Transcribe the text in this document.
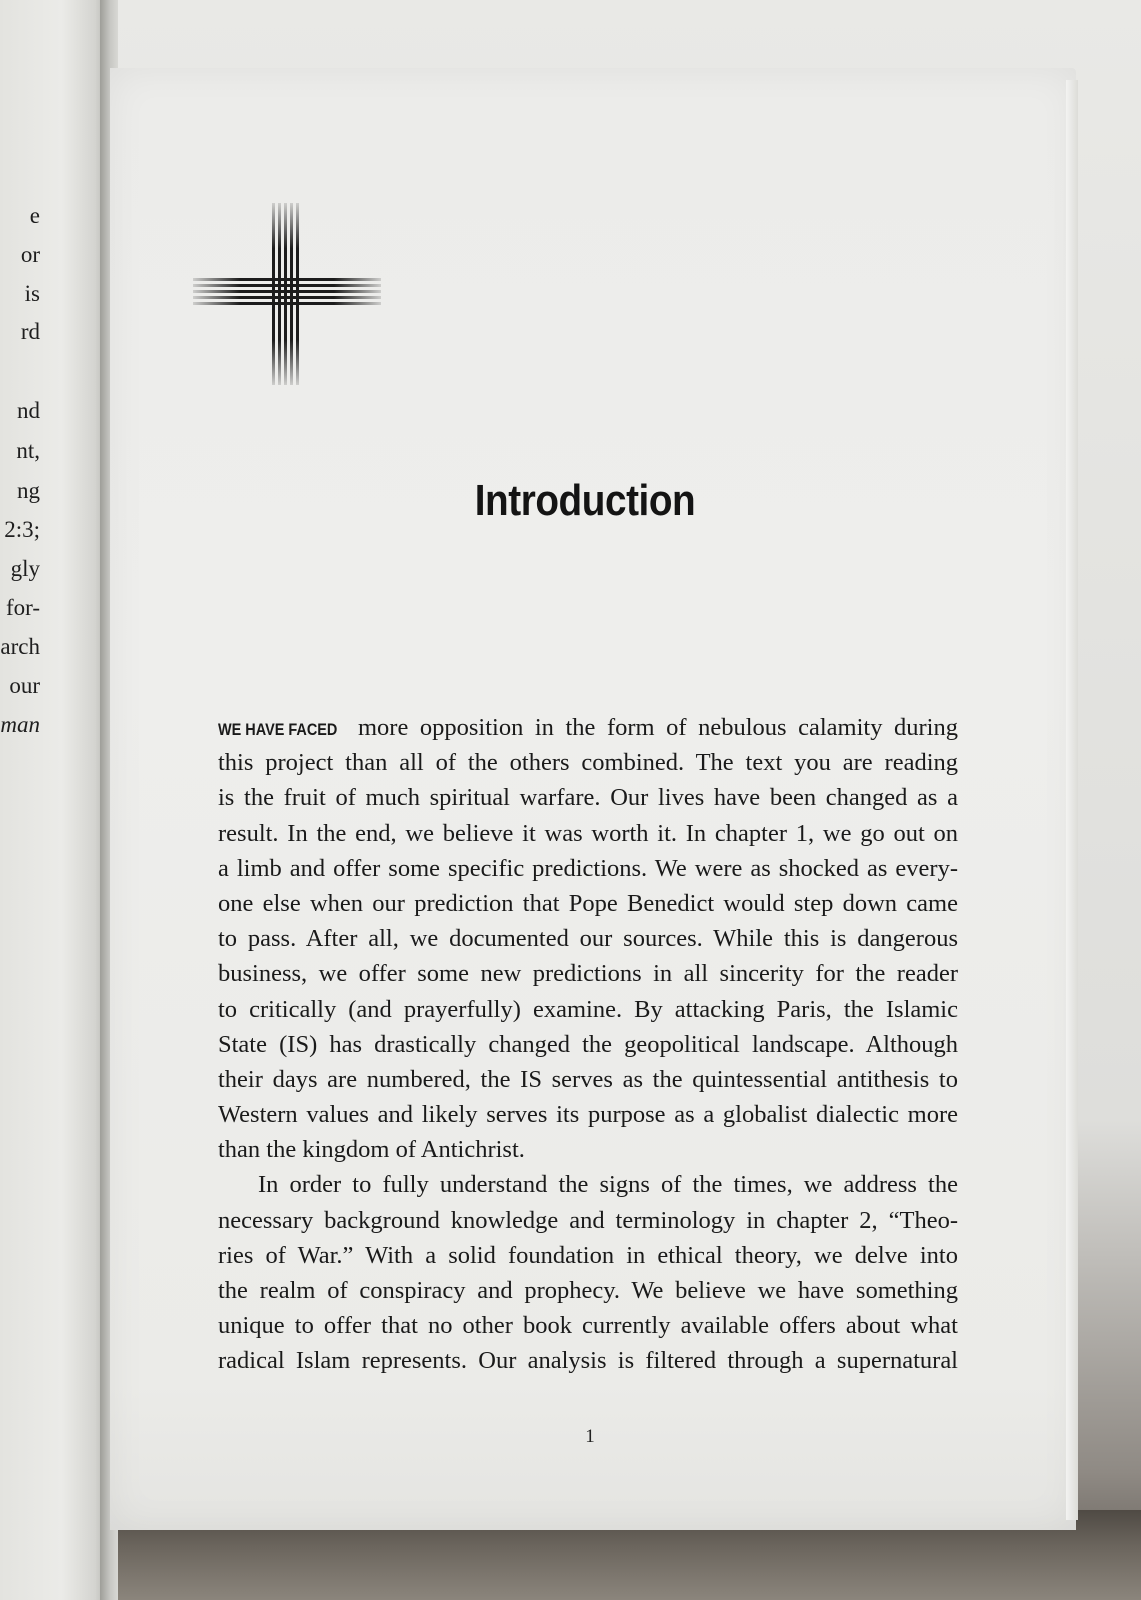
e
or
is
rd
nd
nt,
ng
2:3;
gly
for-
arch
our
man

Introduction
WE HAVE FACED more opposition in the form of nebulous calamity during
this project than all of the others combined. The text you are reading
is the fruit of much spiritual warfare. Our lives have been changed as a
result. In the end, we believe it was worth it. In chapter 1, we go out on
a limb and offer some specific predictions. We were as shocked as every-
one else when our prediction that Pope Benedict would step down came
to pass. After all, we documented our sources. While this is dangerous
business, we offer some new predictions in all sincerity for the reader
to critically (and prayerfully) examine. By attacking Paris, the Islamic
State (IS) has drastically changed the geopolitical landscape. Although
their days are numbered, the IS serves as the quintessential antithesis to
Western values and likely serves its purpose as a globalist dialectic more
than the kingdom of Antichrist.
In order to fully understand the signs of the times, we address the
necessary background knowledge and terminology in chapter 2, “Theo-
ries of War.” With a solid foundation in ethical theory, we delve into
the realm of conspiracy and prophecy. We believe we have something
unique to offer that no other book currently available offers about what
radical Islam represents. Our analysis is filtered through a supernatural
1
